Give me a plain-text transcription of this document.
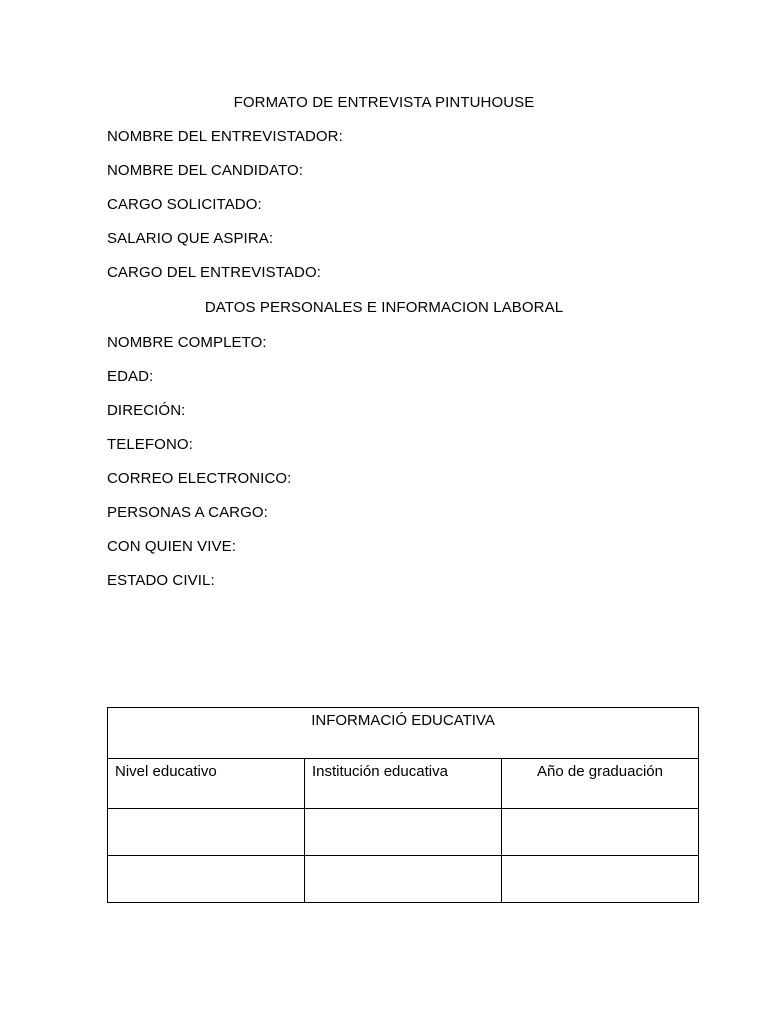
FORMATO DE ENTREVISTA PINTUHOUSE
NOMBRE DEL ENTREVISTADOR:
NOMBRE DEL CANDIDATO:
CARGO SOLICITADO:
SALARIO QUE ASPIRA:
CARGO DEL ENTREVISTADO:
DATOS PERSONALES E INFORMACION LABORAL
NOMBRE COMPLETO:
EDAD:
DIRECIÓN:
TELEFONO:
CORREO ELECTRONICO:
PERSONAS A CARGO:
CON QUIEN VIVE:
ESTADO CIVIL:
INFORMACIÓ EDUCATIVA		
Nivel educativo	Institución educativa	Año de graduación
